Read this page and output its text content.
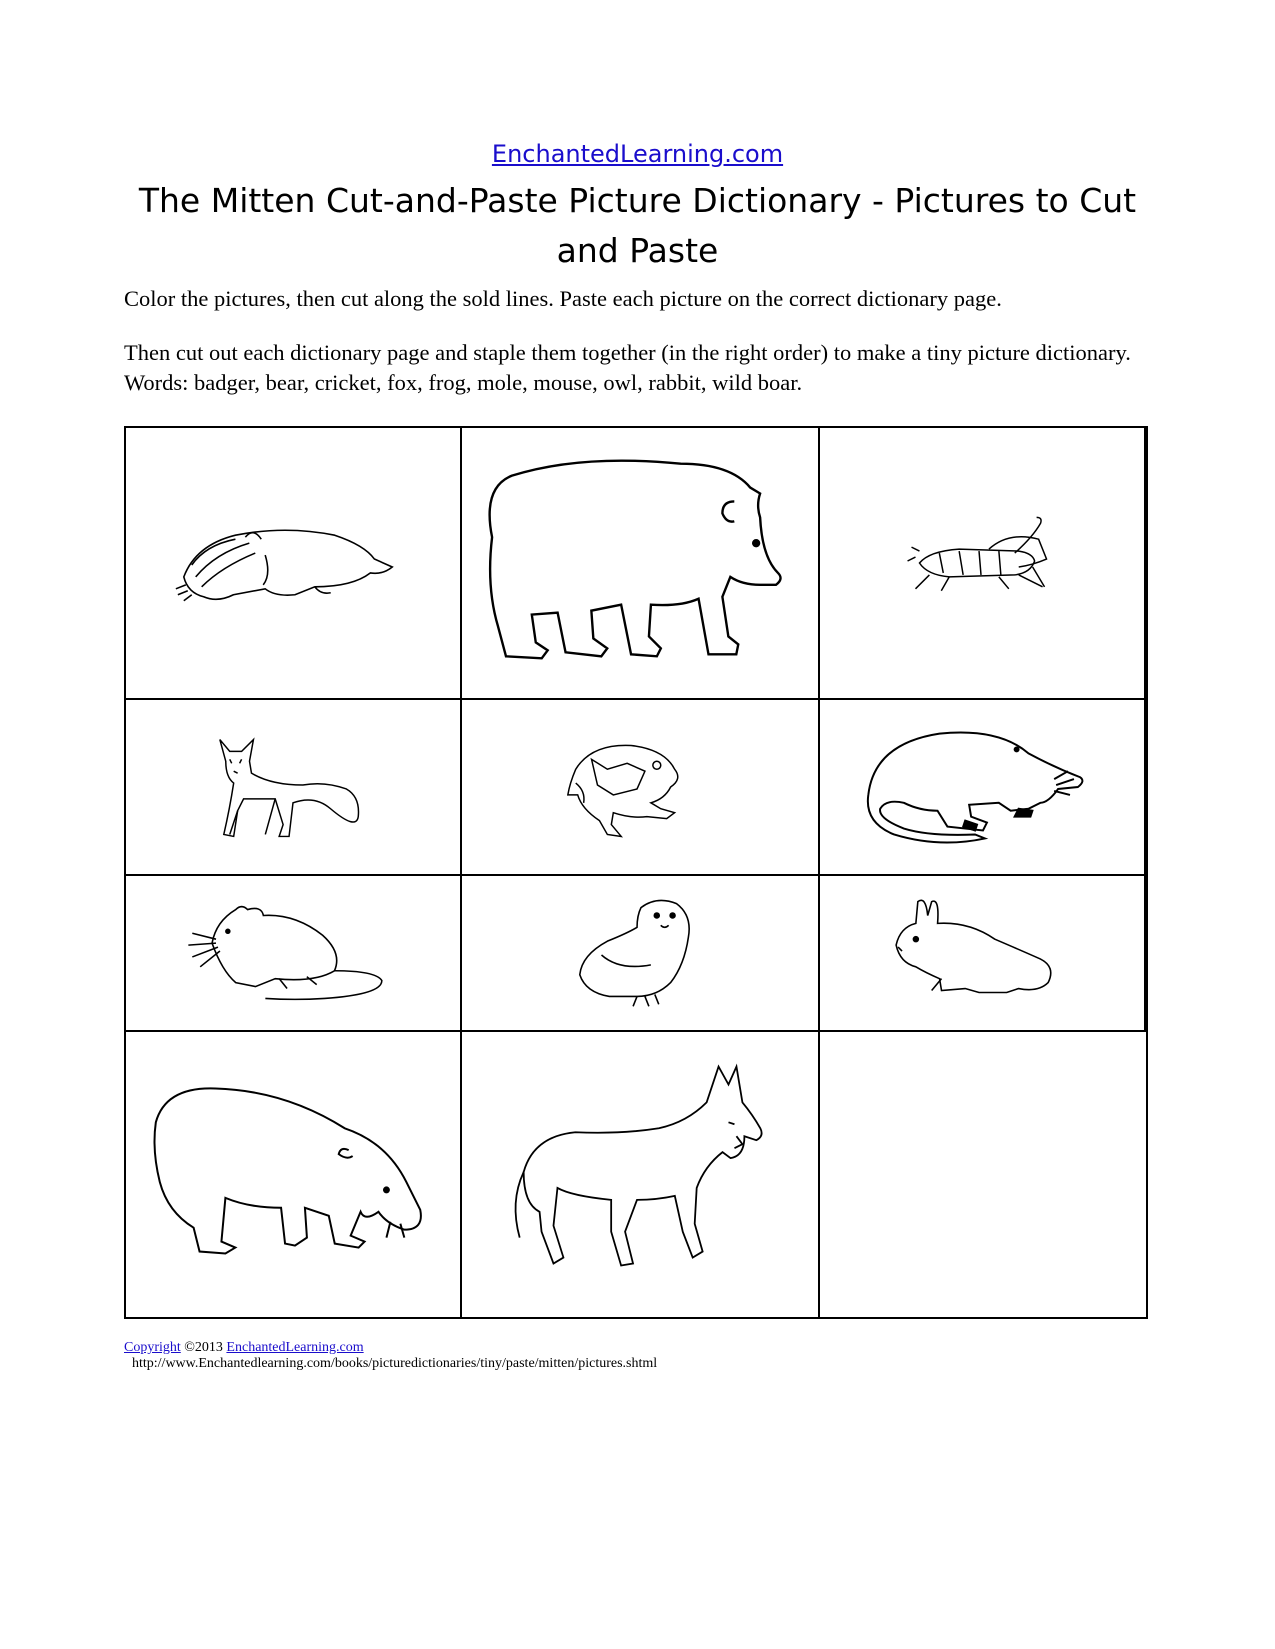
EnchantedLearning.com
The Mitten Cut-and-Paste Picture Dictionary - Pictures to Cut and Paste

Color the pictures, then cut along the sold lines. Paste each picture on the correct dictionary page.

Then cut out each dictionary page and staple them together (in the right order) to make a tiny picture dictionary. Words: badger, bear, cricket, fox, frog, mole, mouse, owl, rabbit, wild boar.

Copyright ©2013 EnchantedLearning.com
http://www.Enchantedlearning.com/books/picturedictionaries/tiny/paste/mitten/pictures.shtml
